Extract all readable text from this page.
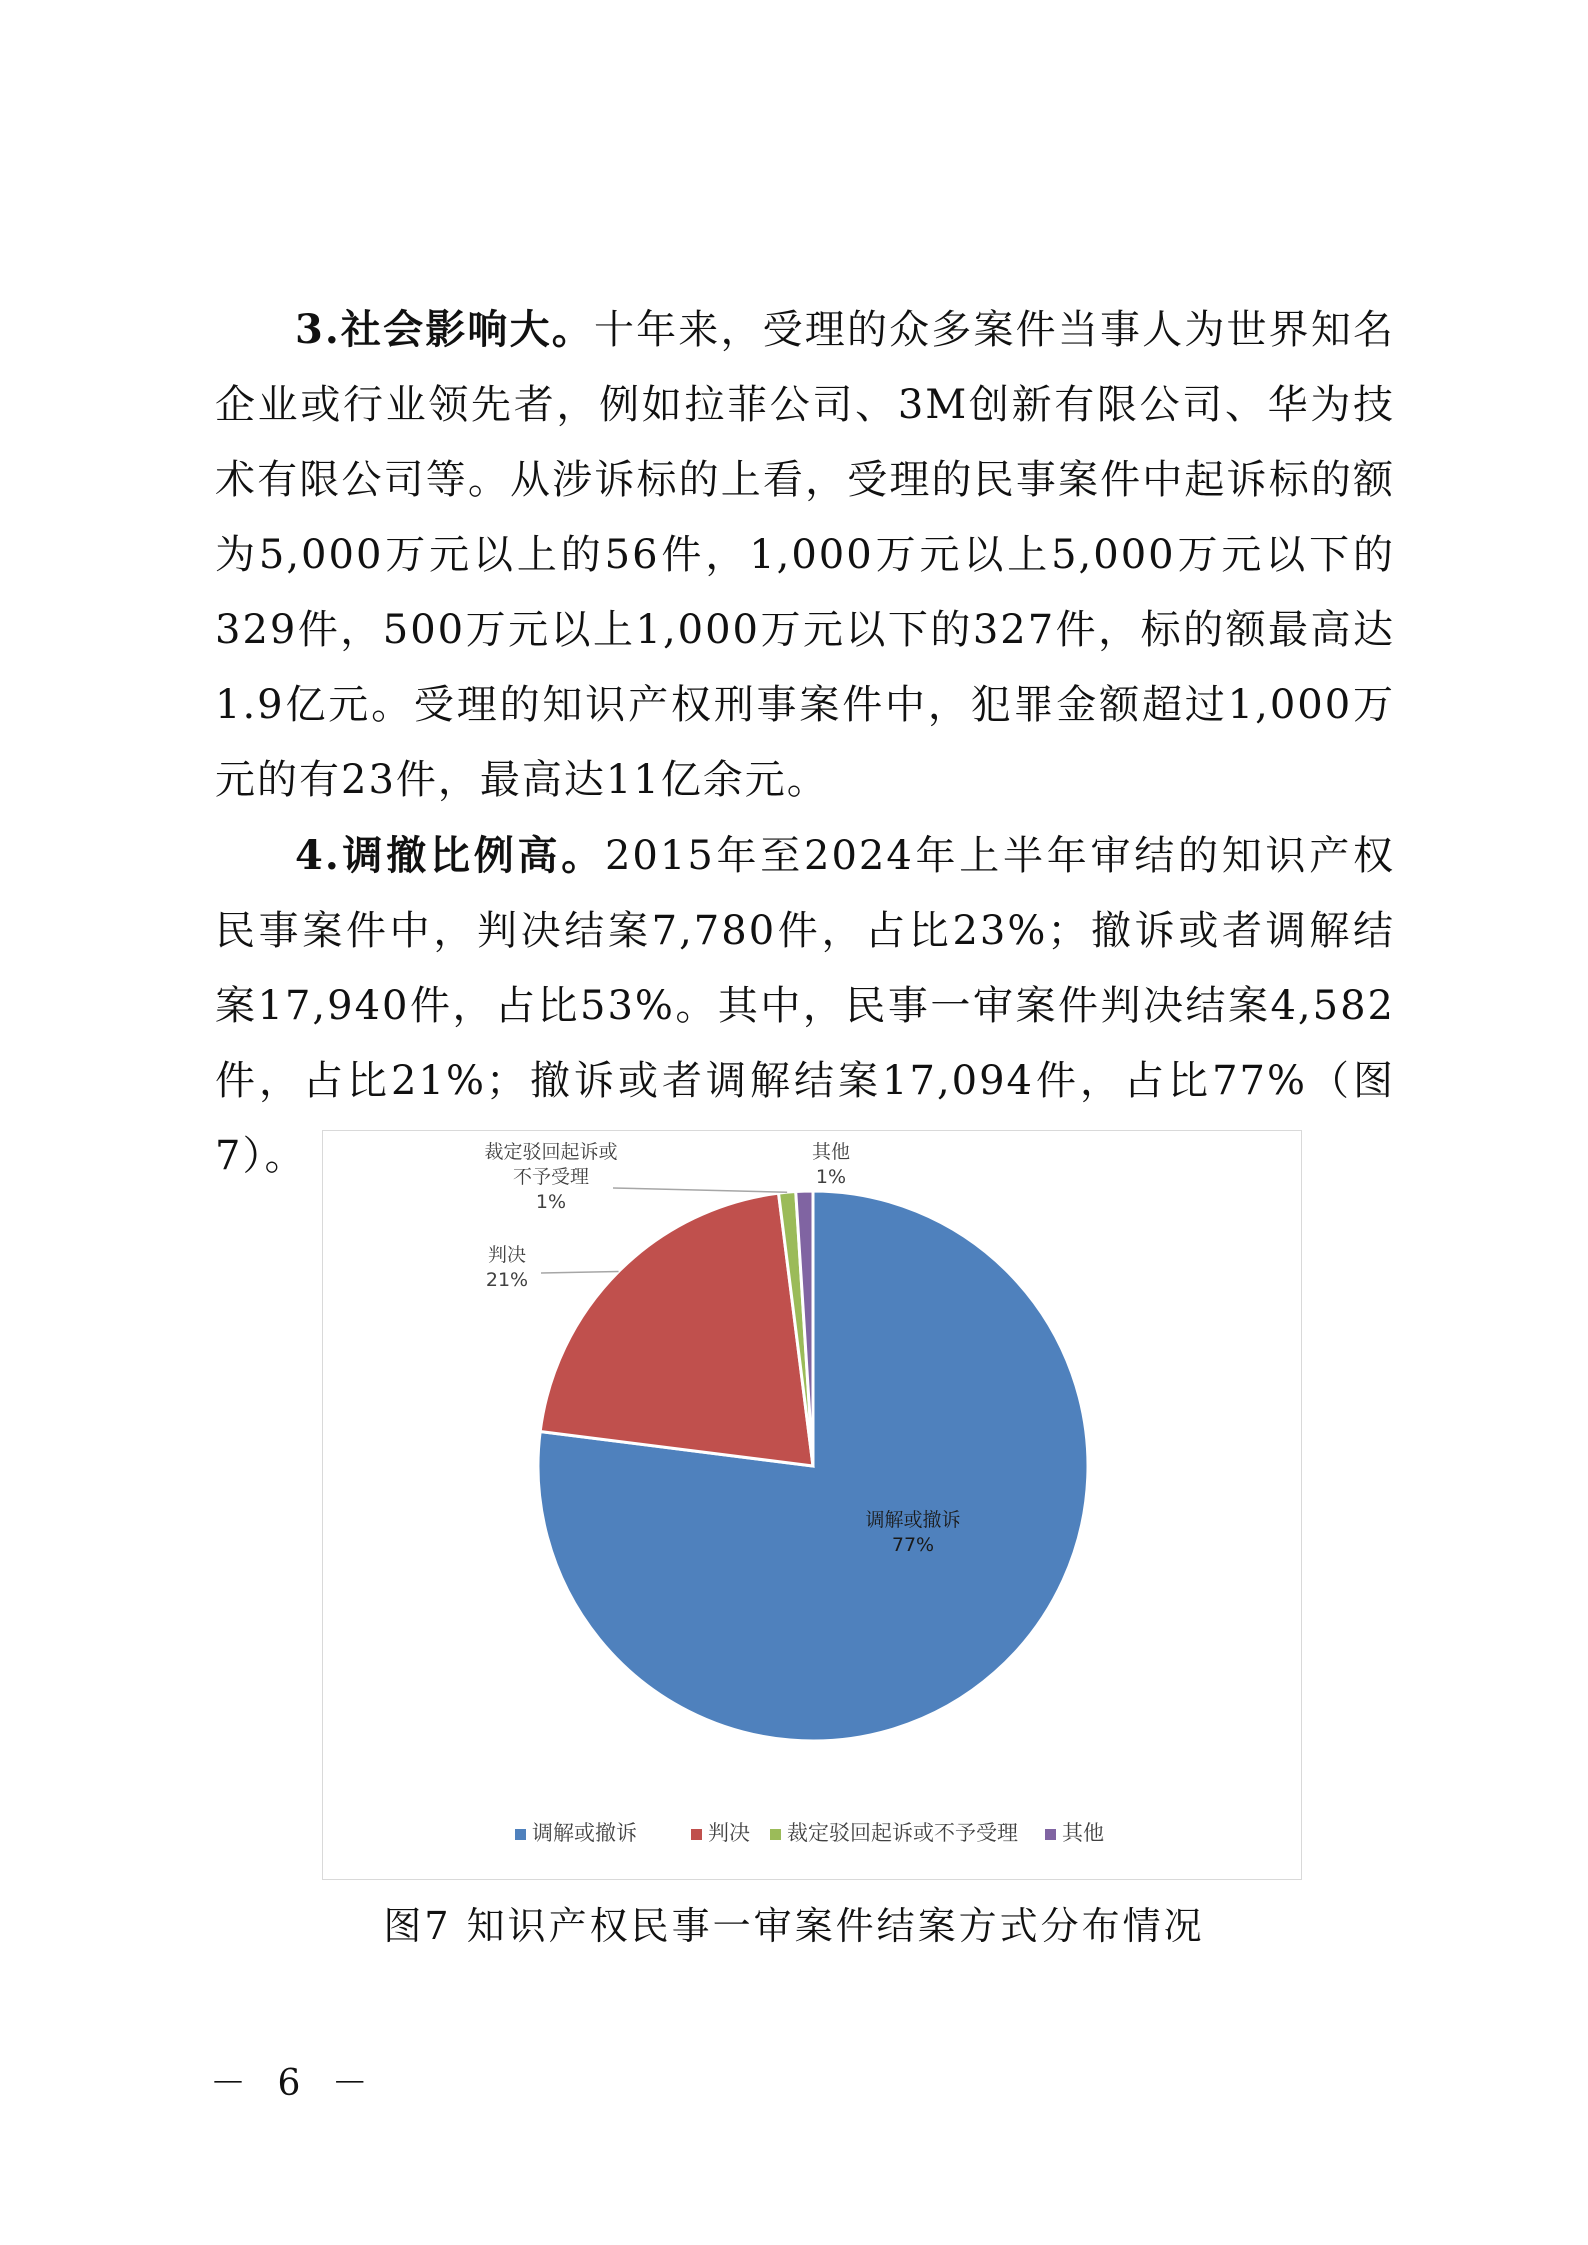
3.社会影响大。十年来，受理的众多案件当事人为世界知名企业或行业领先者，例如拉菲公司、3M创新有限公司、华为技术有限公司等。从涉诉标的上看，受理的民事案件中起诉标的额为5,000万元以上的56件，1,000万元以上5,000万元以下的329件，500万元以上1,000万元以下的327件，标的额最高达1.9亿元。受理的知识产权刑事案件中，犯罪金额超过1,000万元的有23件，最高达11亿余元。

4.调撤比例高。2015年至2024年上半年审结的知识产权民事案件中，判决结案7,780件，占比23%；撤诉或者调解结案17,940件，占比53%。其中，民事一审案件判决结案4,582件，占比21%；撤诉或者调解结案17,094件，占比77%（图7）。

调解或撤诉 77%
判决 21%
裁定驳回起诉或不予受理 1%
其他 1%
调解或撤诉	判决 裁定驳回起诉或不予受理 其他
图7 知识产权民事一审案件结案方式分布情况
－ 6 －
